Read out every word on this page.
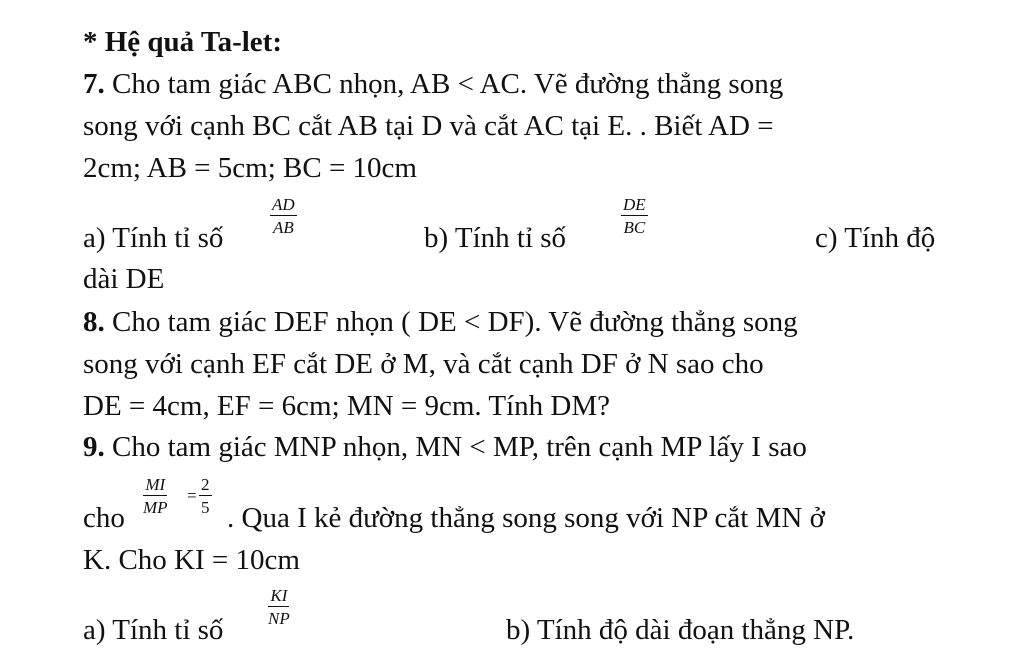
* Hệ quả Ta-let:
7. Cho tam giác ABC nhọn, AB < AC. Vẽ đường thẳng song
song với cạnh BC cắt AB tại D và cắt AC tại E. . Biết AD =
2cm; AB = 5cm; BC = 10cm
a) Tính tỉ số
$\frac{AD}{AB}$
b) Tính tỉ số
$\frac{DE}{BC}$
c) Tính độ
dài DE
8. Cho tam giác DEF nhọn ( DE < DF). Vẽ đường thẳng song
song với cạnh EF cắt DE ở M, và cắt cạnh DF ở N sao cho
DE = 4cm, EF = 6cm; MN = 9cm. Tính DM?
9. Cho tam giác MNP nhọn, MN < MP, trên cạnh MP lấy I sao
cho
$\frac{MI}{MP} = \frac{2}{5}$
. Qua I kẻ đường thẳng song song với NP cắt MN ở
K. Cho KI = 10cm
a) Tính tỉ số
$\frac{KI}{NP}$
b) Tính độ dài đoạn thẳng NP.
